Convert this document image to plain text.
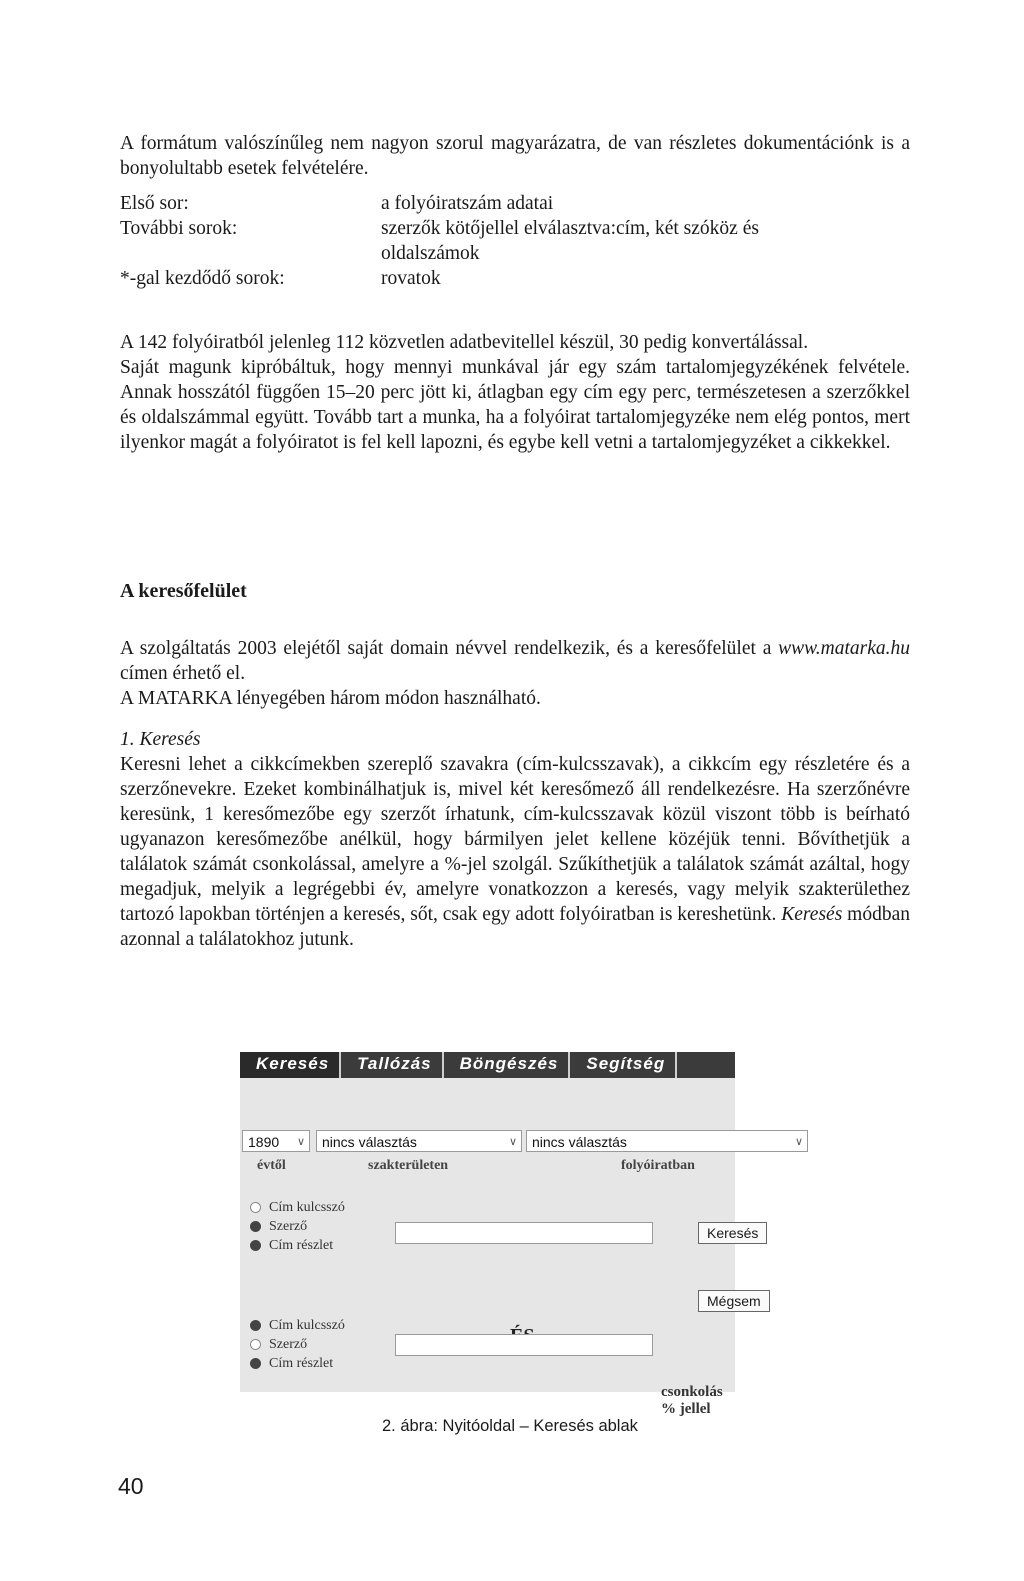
A formátum valószínűleg nem nagyon szorul magyarázatra, de van részletes dokumentációnk is a bonyolultabb esetek felvételére.

Első sor:	a folyóiratszám adatai
További sorok:	szerzők kötőjellel elválasztva:cím, két szóköz és oldalszámok
*-gal kezdődő sorok:	rovatok

A 142 folyóiratból jelenleg 112 közvetlen adatbevitellel készül, 30 pedig konvertálással.

Saját magunk kipróbáltuk, hogy mennyi munkával jár egy szám tartalomjegyzékének felvétele. Annak hosszától függően 15–20 perc jött ki, átlagban egy cím egy perc, természetesen a szerzőkkel és oldalszámmal együtt. Tovább tart a munka, ha a folyóirat tartalomjegyzéke nem elég pontos, mert ilyenkor magát a folyóiratot is fel kell lapozni, és egybe kell vetni a tartalomjegyzéket a cikkekkel.

A keresőfelület

A szolgáltatás 2003 elejétől saját domain névvel rendelkezik, és a keresőfelület a www.matarka.hu címen érhető el.

A MATARKA lényegében három módon használható.

1. Keresés

Keresni lehet a cikkcímekben szereplő szavakra (cím-kulcsszavak), a cikkcím egy részletére és a szerzőnevekre. Ezeket kombinálhatjuk is, mivel két keresőmező áll rendelkezésre. Ha szerzőnévre keresünk, 1 keresőmezőbe egy szerzőt írhatunk, cím-kulcsszavak közül viszont több is beírható ugyanazon keresőmezőbe anélkül, hogy bármilyen jelet kellene közéjük tenni. Bővíthetjük a találatok számát csonkolással, amelyre a %-jel szolgál. Szűkíthetjük a találatok számát azáltal, hogy megadjuk, melyik a legrégebbi év, amelyre vonatkozzon a keresés, vagy melyik szakterülethez tartozó lapokban történjen a keresés, sőt, csak egy adott folyóiratban is kereshetünk. Keresés módban azonnal a találatokhoz jutunk.

Keresés	Tallózás	Böngészés	Segítség
1890 ∨	nincs választás	∨	nincs választás	∨
évtől	szakterületen	folyóiratban
Cím kulcsszó
Szerző
Cím részlet
Keresés
Mégsem
Cím kulcsszó
Szerző
Cím részlet
csonkolás % jellel
2. ábra: Nyitóoldal – Keresés ablak
40
